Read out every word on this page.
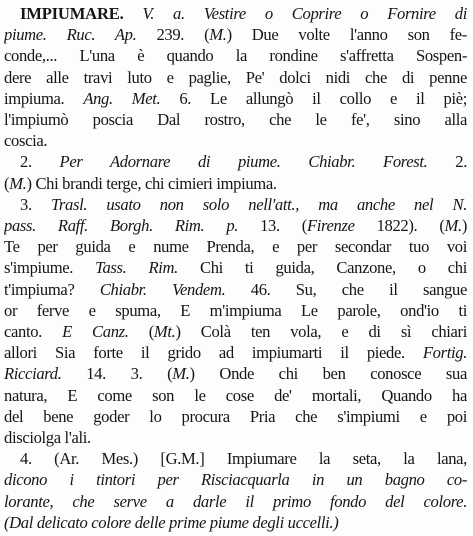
IMPIUMARE. V. a. Vestire o Coprire o Fornire di
piume. Ruc. Ap. 239. (M.) Due volte l'anno son fe-
conde,... L'una è quando la rondine s'affretta Sospen-
dere alle travi luto e paglie, Pe' dolci nidi che di penne
impiuma. Ang. Met. 6. Le allungò il collo e il piè;
l'impiumò poscia Dal rostro, che le fe', sino alla
coscia.
2. Per Adornare di piume. Chiabr. Forest. 2.
(M.) Chi brandi terge, chi cimieri impiuma.
3. Trasl. usato non solo nell'att., ma anche nel N.
pass. Raff. Borgh. Rim. p. 13. (Firenze 1822). (M.)
Te per guida e nume Prenda, e per secondar tuo voi
s'impiume. Tass. Rim. Chi ti guida, Canzone, o chi
t'impiuma? Chiabr. Vendem. 46. Su, che il sangue
or ferve e spuma, E m'impiuma Le parole, ond'io ti
canto. E Canz. (Mt.) Colà ten vola, e di sì chiari
allori Sia forte il grido ad impiumarti il piede. Fortig.
Ricciard. 14. 3. (M.) Onde chi ben conosce sua
natura, E come son le cose de' mortali, Quando ha
del bene goder lo procura Pria che s'impiumi e poi
disciolga l'ali.
4. (Ar. Mes.) [G.M.] Impiumare la seta, la lana,
dicono i tintori per Risciacquarla in un bagno co-
lorante, che serve a darle il primo fondo del colore.
(Dal delicato colore delle prime piume degli uccelli.)
